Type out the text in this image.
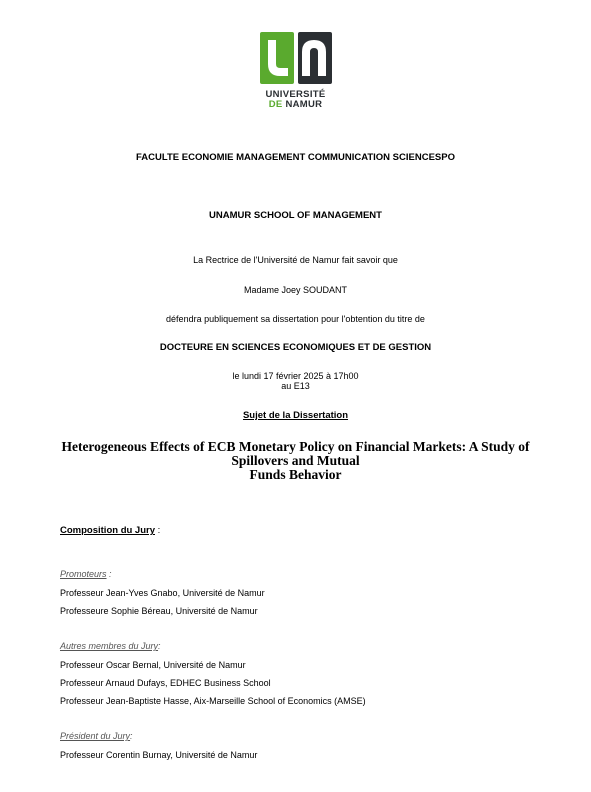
UNIVERSITÉ
DE NAMUR
FACULTE ECONOMIE MANAGEMENT COMMUNICATION SCIENCESPO
UNAMUR SCHOOL OF MANAGEMENT
La Rectrice de l'Université de Namur fait savoir que
Madame Joey SOUDANT
défendra publiquement sa dissertation pour l'obtention du titre de
DOCTEURE EN SCIENCES ECONOMIQUES ET DE GESTION
le lundi 17 février 2025 à 17h00
au E13
Sujet de la Dissertation
Heterogeneous Effects of ECB Monetary Policy on Financial Markets: A Study of
Spillovers and Mutual
Funds Behavior
Composition du Jury :
Promoteurs :
Professeur Jean-Yves Gnabo, Université de Namur
Professeure Sophie Béreau, Université de Namur
Autres membres du Jury:
Professeur Oscar Bernal, Université de Namur
Professeur Arnaud Dufays, EDHEC Business School
Professeur Jean-Baptiste Hasse, Aix-Marseille School of Economics (AMSE)
Président du Jury:
Professeur Corentin Burnay, Université de Namur
